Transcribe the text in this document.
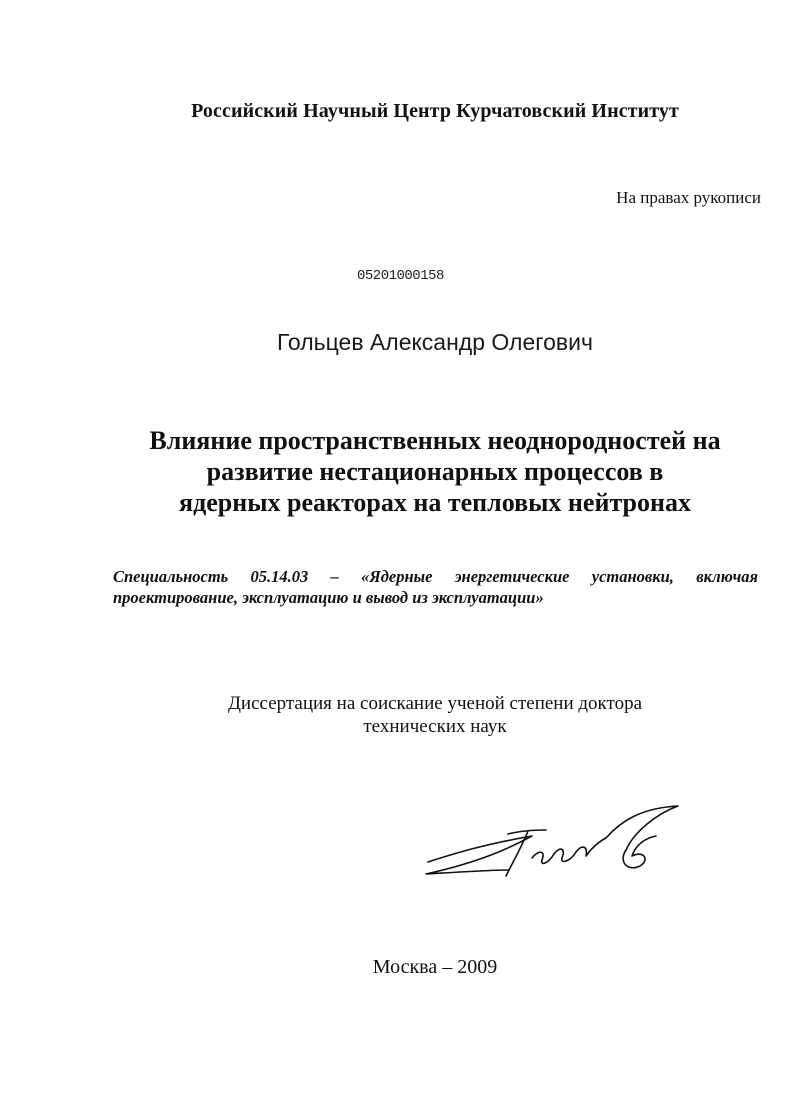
Российский Научный Центр Курчатовский Институт

На правах рукописи

05201000158

Гольцев Александр Олегович

Влияние пространственных неоднородностей на
развитие нестационарных процессов в
ядерных реакторах на тепловых нейтронах

Специальность 05.14.03 – «Ядерные энергетические установки, включая
проектирование, эксплуатацию и вывод из эксплуатации»

Диссертация на соискание ученой степени доктора
технических наук

Москва – 2009
